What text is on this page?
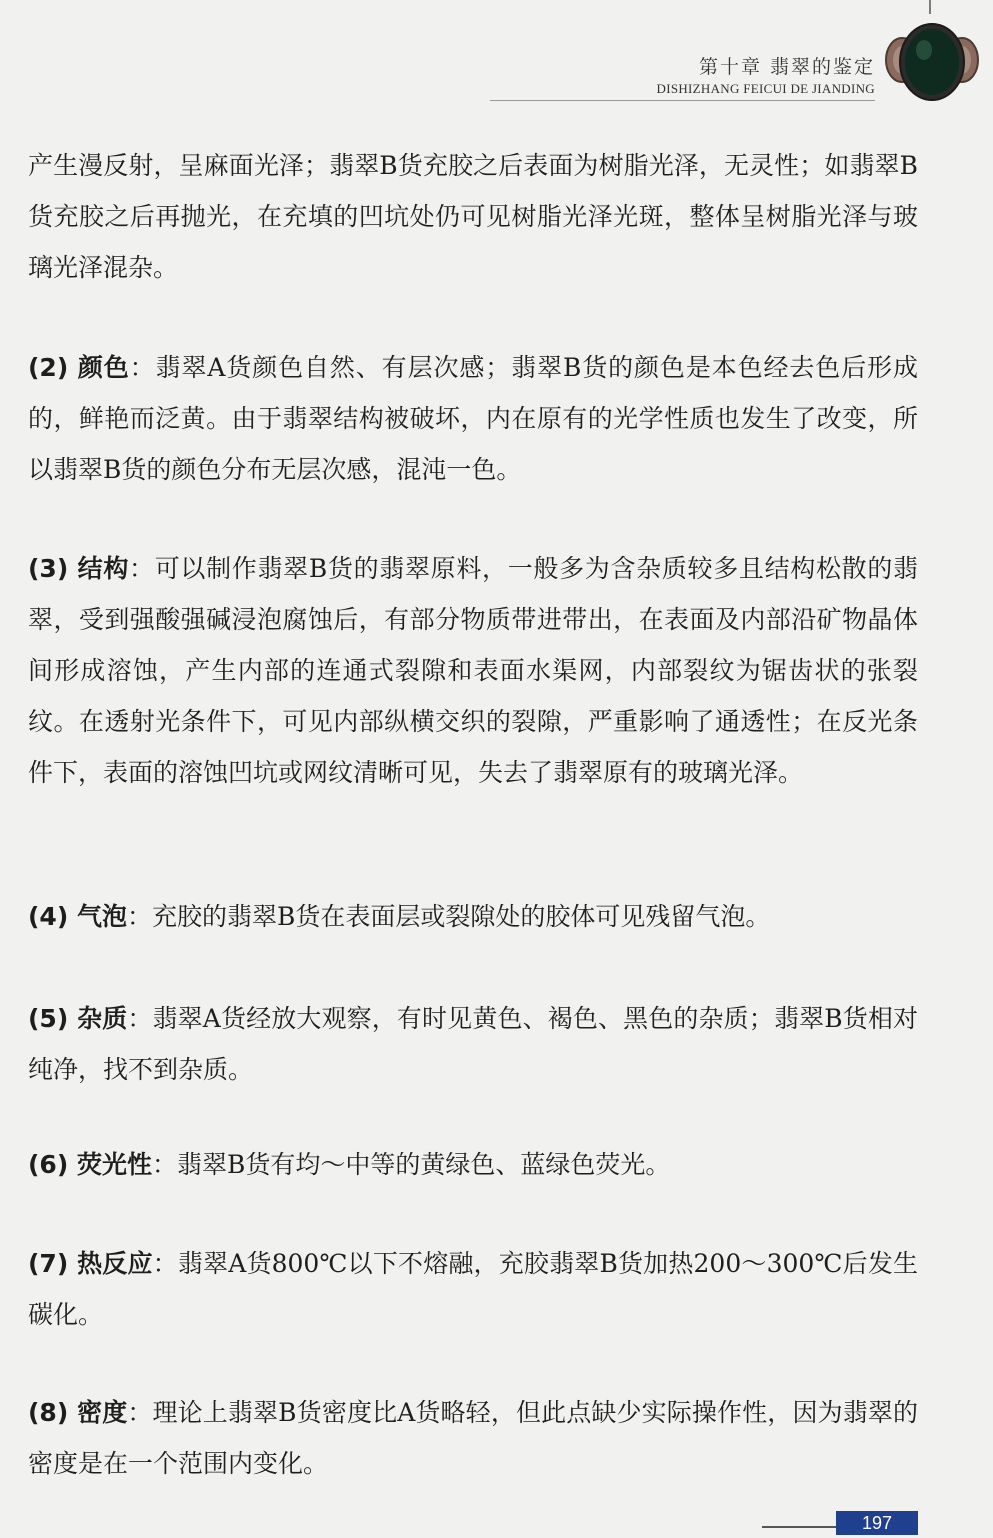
第十章 翡翠的鉴定
DISHIZHANG FEICUI DE JIANDING
产生漫反射，呈麻面光泽；翡翠B货充胶之后表面为树脂光泽，无灵性；如翡翠B货充胶之后再抛光，在充填的凹坑处仍可见树脂光泽光斑，整体呈树脂光泽与玻璃光泽混杂。
(2) 颜色：翡翠A货颜色自然、有层次感；翡翠B货的颜色是本色经去色后形成的，鲜艳而泛黄。由于翡翠结构被破坏，内在原有的光学性质也发生了改变，所以翡翠B货的颜色分布无层次感，混沌一色。
(3) 结构：可以制作翡翠B货的翡翠原料，一般多为含杂质较多且结构松散的翡翠，受到强酸强碱浸泡腐蚀后，有部分物质带进带出，在表面及内部沿矿物晶体间形成溶蚀，产生内部的连通式裂隙和表面水渠网，内部裂纹为锯齿状的张裂纹。在透射光条件下，可见内部纵横交织的裂隙，严重影响了通透性；在反光条件下，表面的溶蚀凹坑或网纹清晰可见，失去了翡翠原有的玻璃光泽。
(4) 气泡：充胶的翡翠B货在表面层或裂隙处的胶体可见残留气泡。
(5) 杂质：翡翠A货经放大观察，有时见黄色、褐色、黑色的杂质；翡翠B货相对纯净，找不到杂质。
(6) 荧光性：翡翠B货有均～中等的黄绿色、蓝绿色荧光。
(7) 热反应：翡翠A货800℃以下不熔融，充胶翡翠B货加热200～300℃后发生碳化。
(8) 密度：理论上翡翠B货密度比A货略轻，但此点缺少实际操作性，因为翡翠的密度是在一个范围内变化。
197
